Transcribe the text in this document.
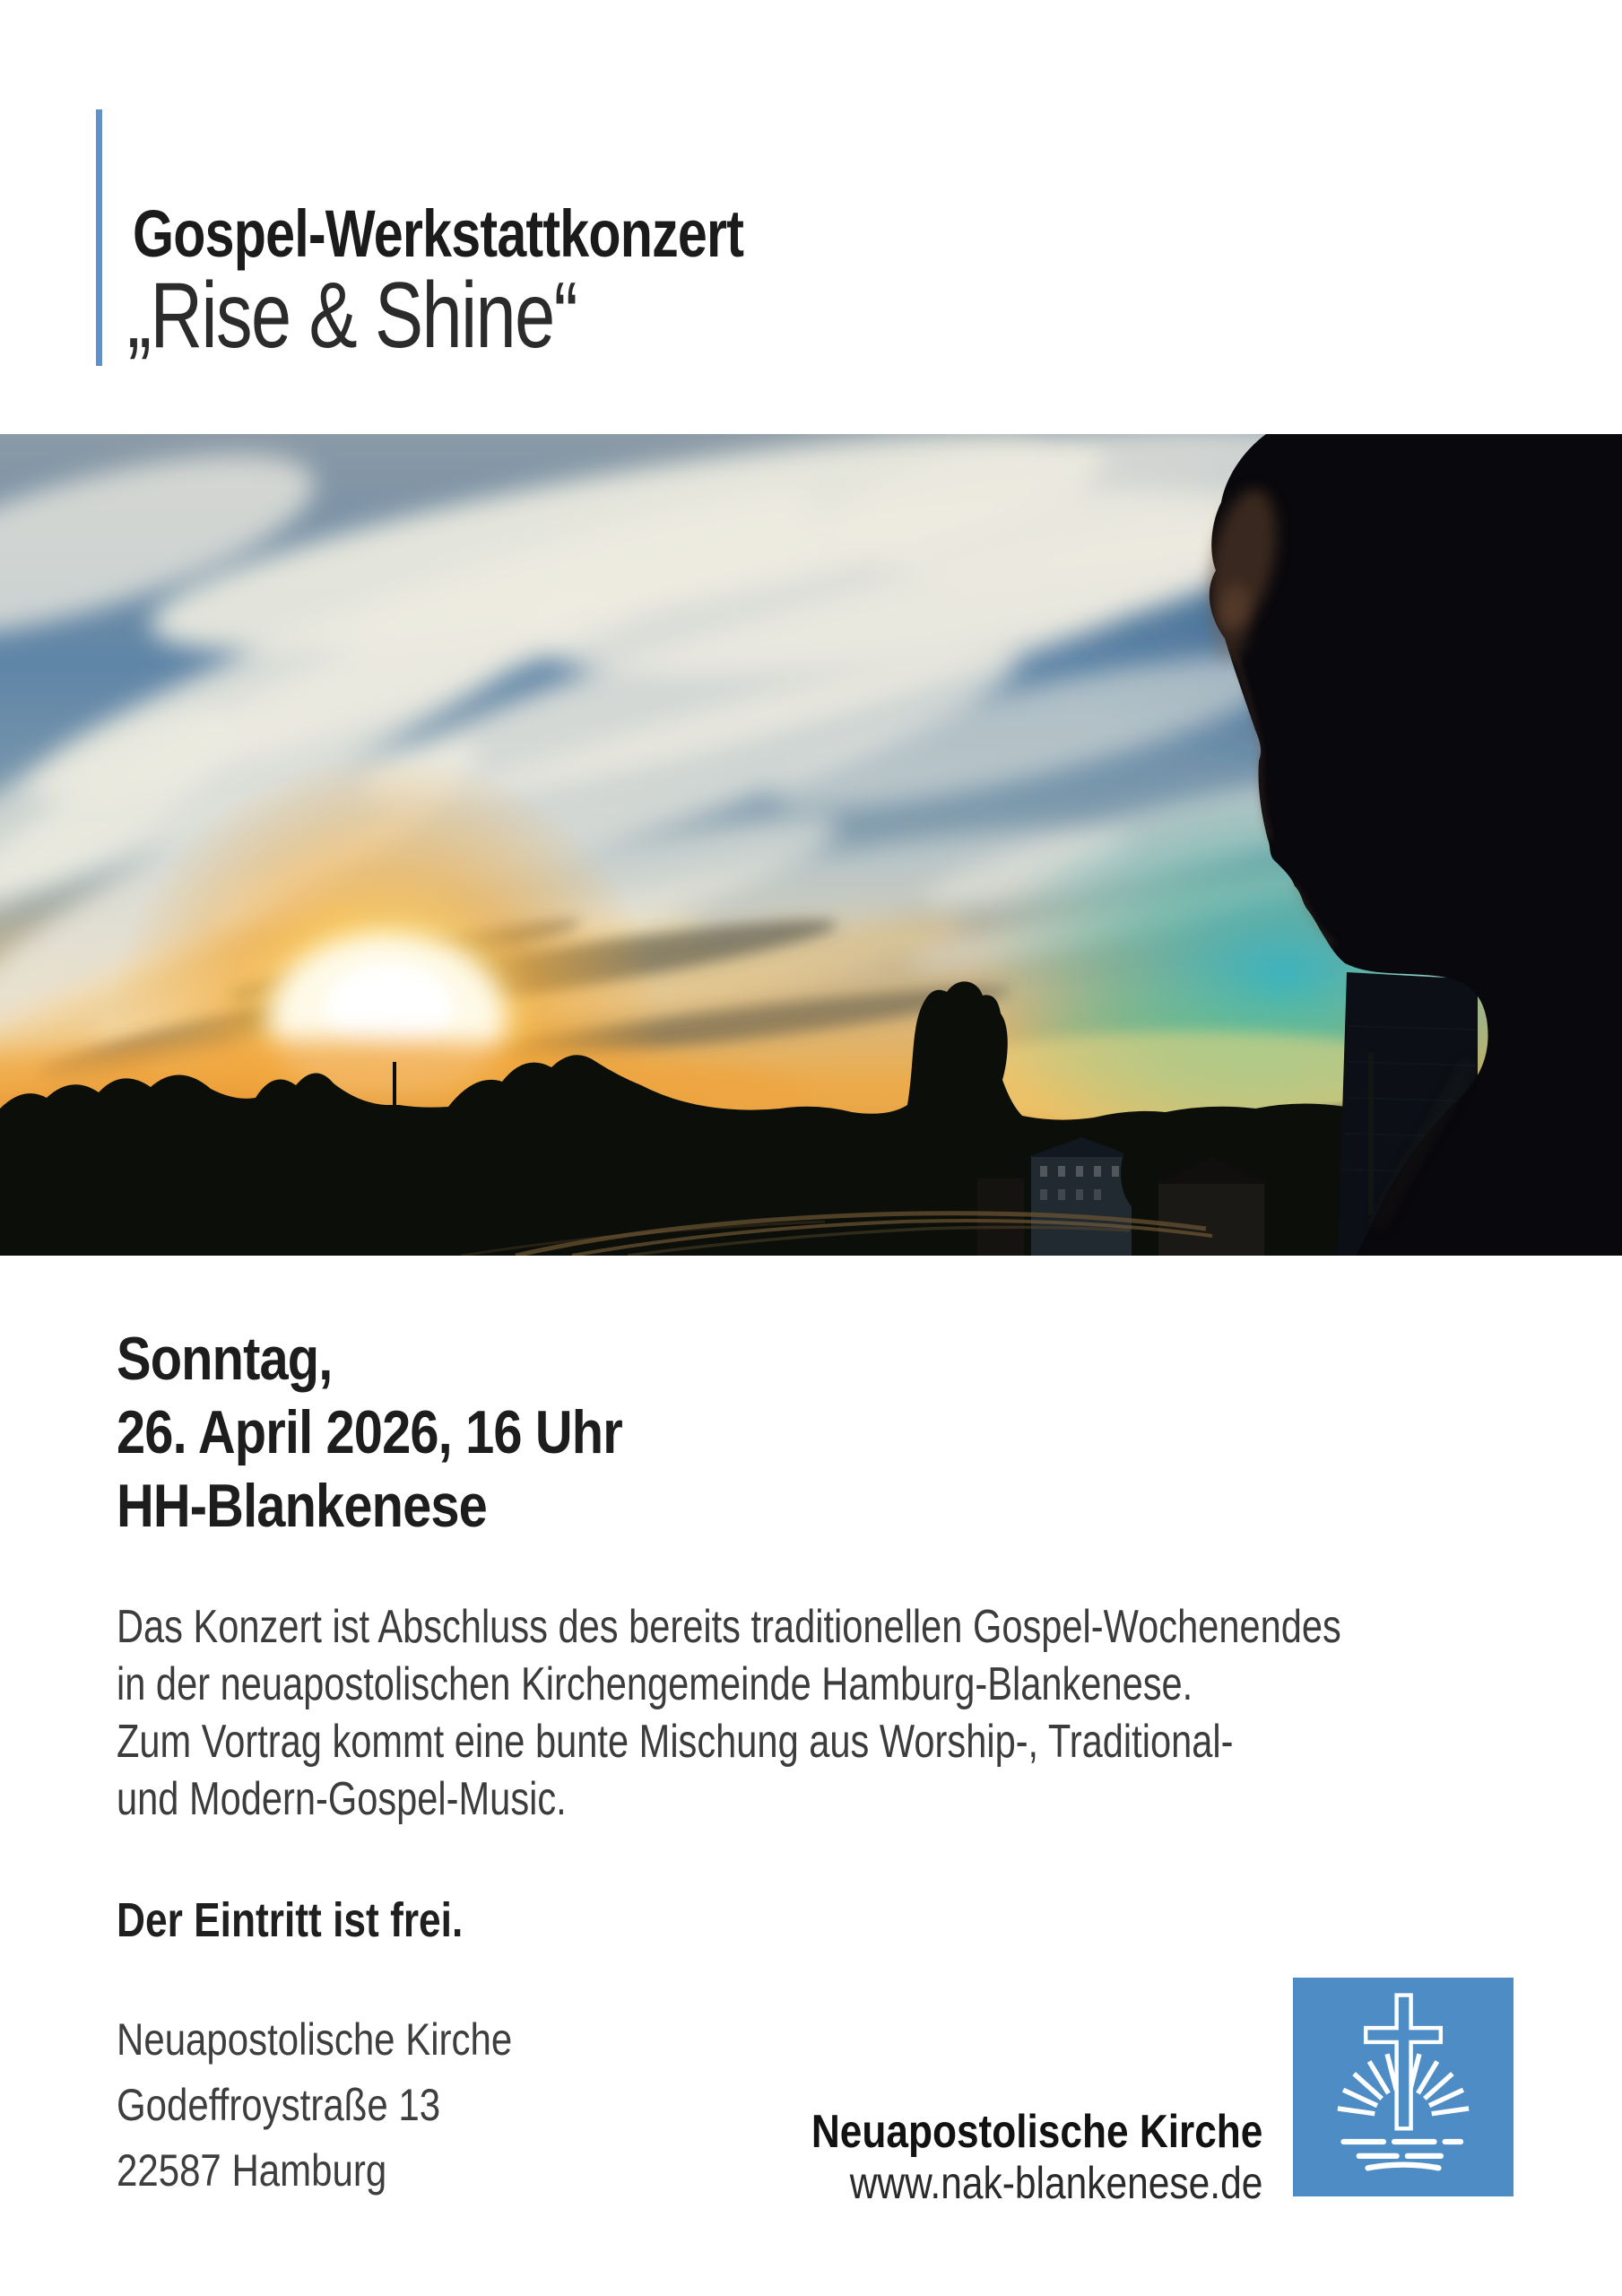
Gospel-Werkstattkonzert
„Rise & Shine“
Sonntag,
26. April 2026, 16 Uhr
HH-Blankenese
Das Konzert ist Abschluss des bereits traditionellen Gospel-Wochenendes
in der neuapostolischen Kirchengemeinde Hamburg-Blankenese.
Zum Vortrag kommt eine bunte Mischung aus Worship-, Traditional-
und Modern-Gospel-Music.
Der Eintritt ist frei.
Neuapostolische Kirche
Godeffroystraße 13
22587 Hamburg
Neuapostolische Kirche
www.nak-blankenese.de
